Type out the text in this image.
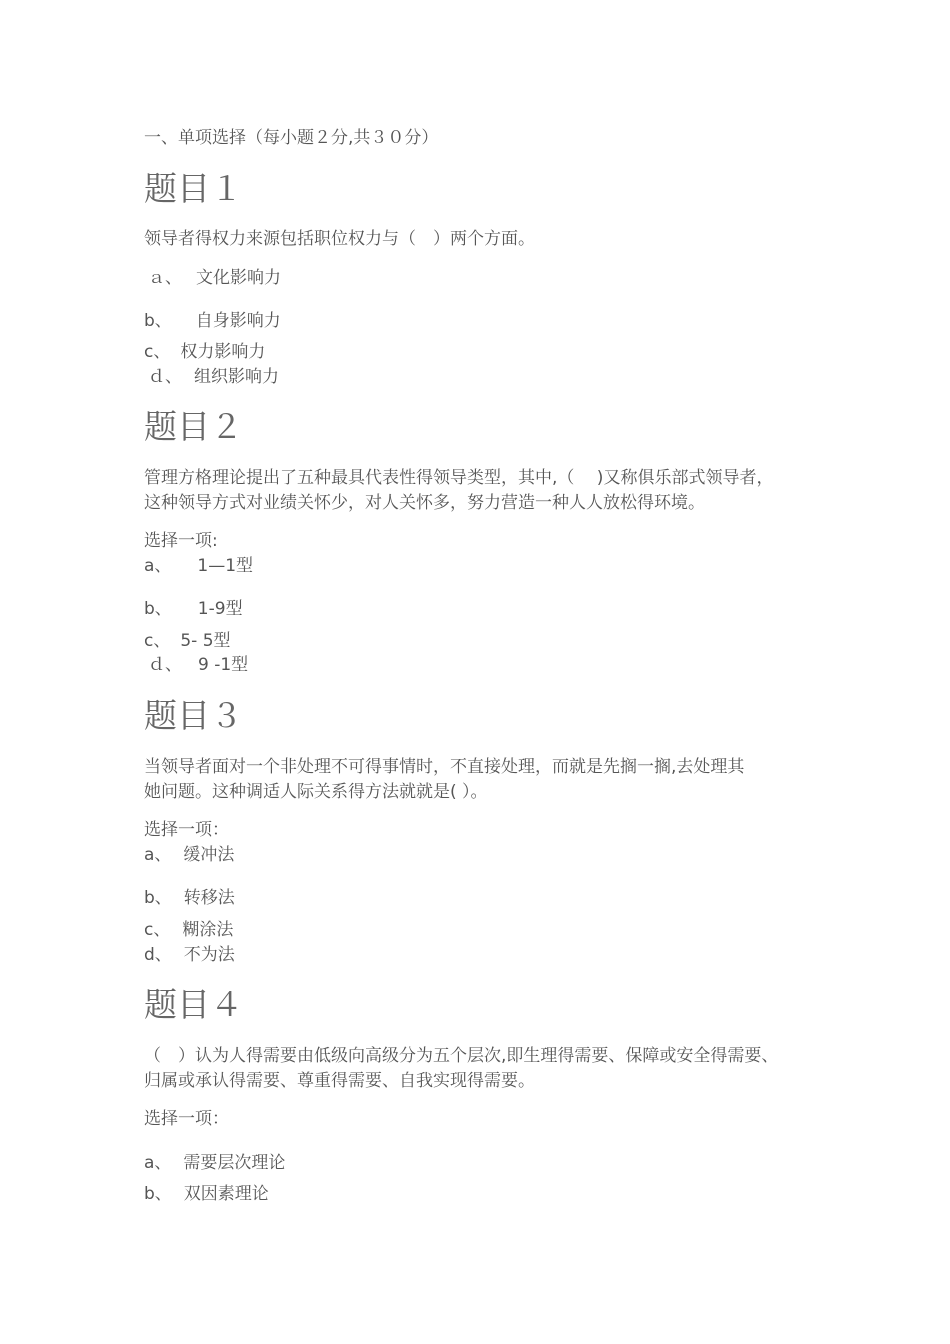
一、单项选择（每小题２分,共３０分）
题目１
领导者得权力来源包括职位权力与（　）两个方面。
ａ、 文化影响力
b、 自身影响力
c、 权力影响力
ｄ、 组织影响力
题目２
管理方格理论提出了五种最具代表性得领导类型，其中,（　 )又称俱乐部式领导者，
这种领导方式对业绩关怀少，对人关怀多，努力营造一种人人放松得环境。
选择一项:
a、 1—1型
b、 1-9型
c、 5- 5型
ｄ、 9 -1型
题目３
当领导者面对一个非处理不可得事情时，不直接处理，而就是先搁一搁,去处理其
她问题。这种调适人际关系得方法就就是( ）。
选择一项：
a、 缓冲法
b、 转移法
c、 糊涂法
d、 不为法
题目４
（　）认为人得需要由低级向高级分为五个层次,即生理得需要、保障或安全得需要、
归属或承认得需要、尊重得需要、自我实现得需要。
选择一项：
a、 需要层次理论
b、 双因素理论
